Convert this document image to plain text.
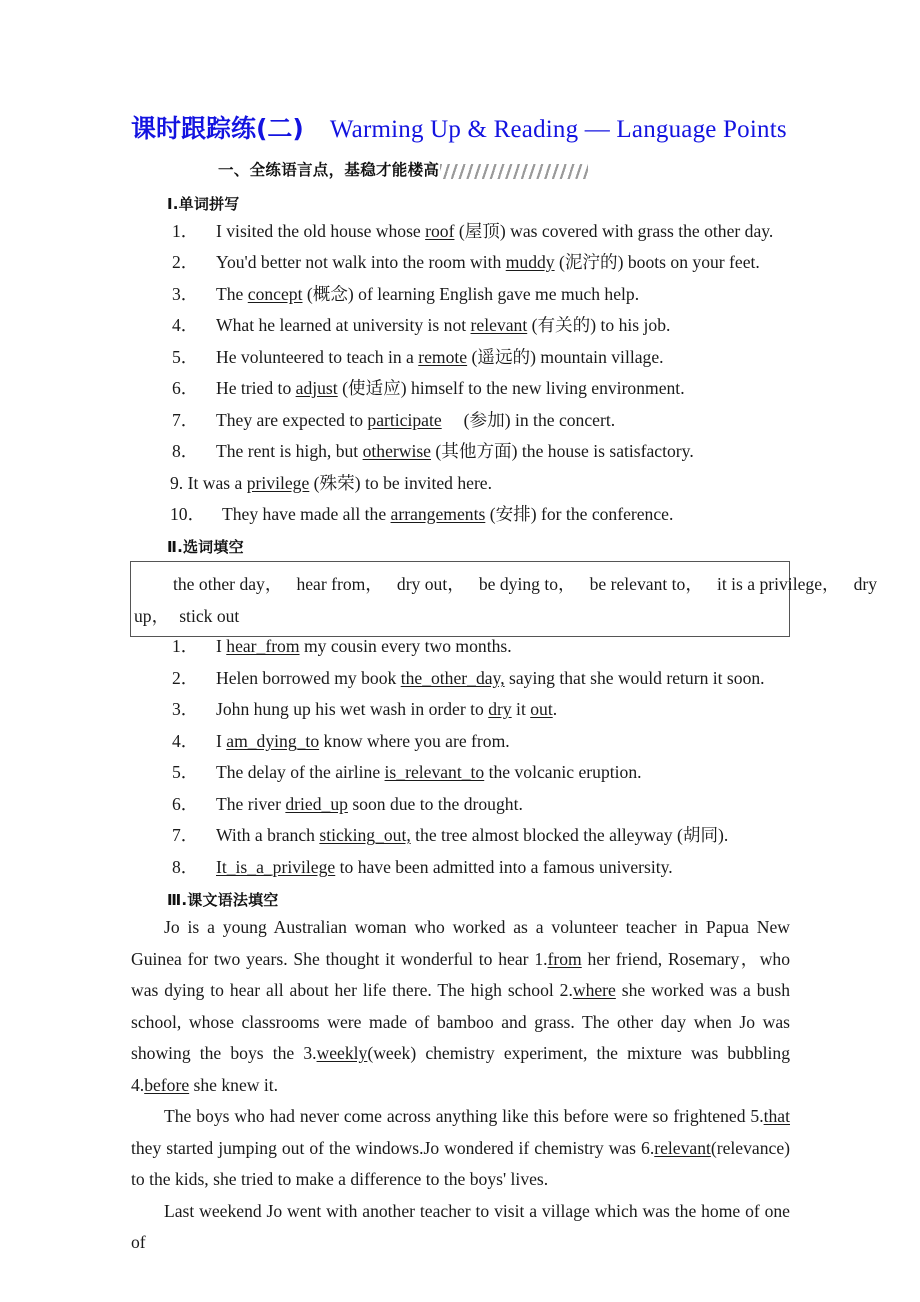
课时跟踪练(二) Warming Up & Reading — Language Points
一、全练语言点，基稳才能楼高
Ⅰ.单词拼写
1． I visited the old house whose roof (屋顶) was covered with grass the other day.
2． You'd better not walk into the room with muddy (泥泞的) boots on your feet.
3． The concept (概念) of learning English gave me much help.
4． What he learned at university is not relevant (有关的) to his job.
5． He volunteered to teach in a remote (遥远的) mountain village.
6． He tried to adjust (使适应) himself to the new living environment.
7． They are expected to participate (参加) in the concert.
8． The rent is high, but otherwise (其他方面) the house is satisfactory.
9. It was a privilege (殊荣) to be invited here.
10． They have made all the arrangements (安排) for the conference.
Ⅱ.选词填空
the other day， hear from， dry out， be dying to， be relevant to， it is a privilege， dry
up， stick out
1． I hear_from my cousin every two months.
2． Helen borrowed my book the_other_day, saying that she would return it soon.
3． John hung up his wet wash in order to dry it out.
4． I am_dying_to know where you are from.
5． The delay of the airline is_relevant_to the volcanic eruption.
6． The river dried_up soon due to the drought.
7． With a branch sticking_out, the tree almost blocked the alleyway (胡同).
8． It_is_a_privilege to have been admitted into a famous university.
Ⅲ.课文语法填空

Jo is a young Australian woman who worked as a volunteer teacher in Papua New Guinea for two years. She thought it wonderful to hear 1.from her friend, Rosemary，who was dying to hear all about her life there. The high school 2.where she worked was a bush school, whose classrooms were made of bamboo and grass. The other day when Jo was showing the boys the 3.weekly(week) chemistry experiment, the mixture was bubbling 4.before she knew it.

The boys who had never come across anything like this before were so frightened 5.that they started jumping out of the windows.Jo wondered if chemistry was 6.relevant(relevance) to the kids, she tried to make a difference to the boys' lives.

Last weekend Jo went with another teacher to visit a village which was the home of one of
